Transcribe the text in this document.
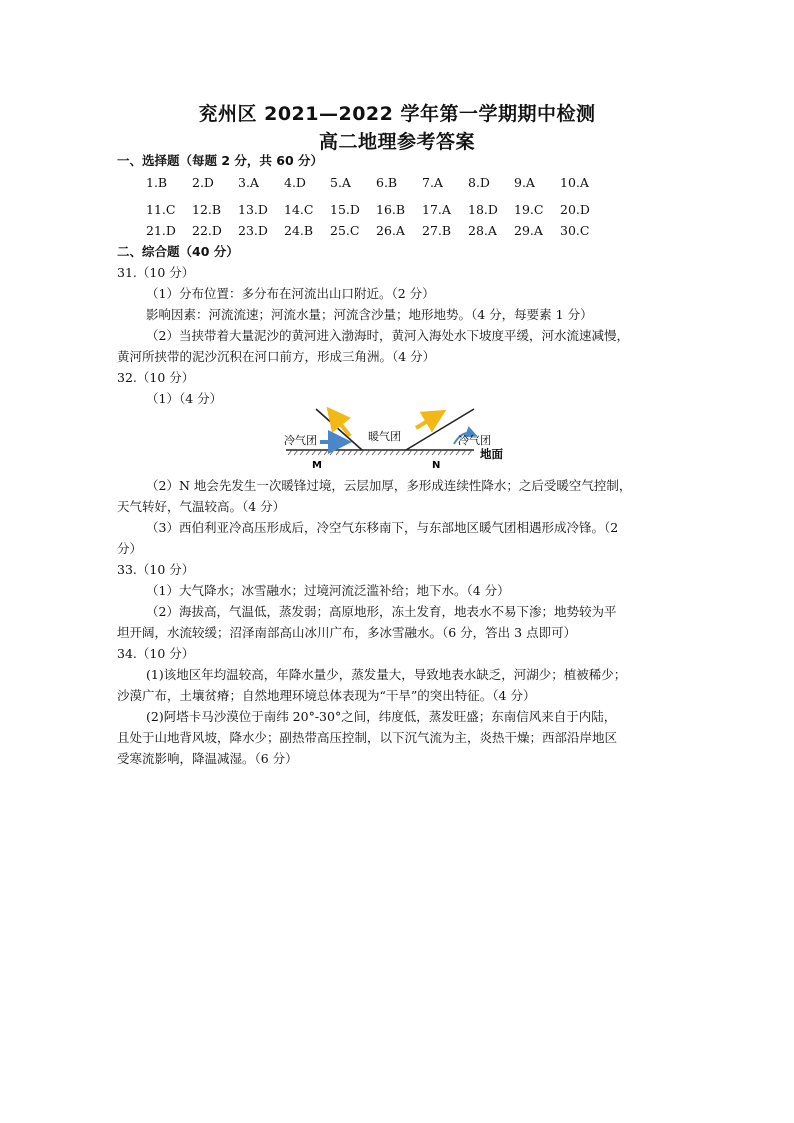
兖州区 2021—2022 学年第一学期期中检测
高二地理参考答案
一、选择题（每题 2 分，共 60 分）
1.B 2.D 3.A 4.D 5.A 6.B 7.A 8.D 9.A 10.A
11.C 12.B 13.D 14.C 15.D 16.B 17.A 18.D 19.C 20.D
21.D 22.D 23.D 24.B 25.C 26.A 27.B 28.A 29.A 30.C
二、综合题（40 分）
31.（10 分）
（1）分布位置：多分布在河流出山口附近。（2 分）
影响因素：河流流速；河流水量；河流含沙量；地形地势。（4 分，每要素 1 分）
（2）当挟带着大量泥沙的黄河进入渤海时，黄河入海处水下坡度平缓，河水流速减慢，
黄河所挟带的泥沙沉积在河口前方，形成三角洲。（4 分）
32.（10 分）
（1）（4 分）
冷气团	暖气团	冷气团
地面
M	N
（2）N 地会先发生一次暖锋过境，云层加厚，多形成连续性降水；之后受暖空气控制，
天气转好，气温较高。（4 分）
（3）西伯利亚冷高压形成后，冷空气东移南下，与东部地区暖气团相遇形成冷锋。（2
分）
33.（10 分）
（1）大气降水；冰雪融水；过境河流泛滥补给；地下水。（4 分）
（2）海拔高，气温低，蒸发弱；高原地形，冻土发育，地表水不易下渗；地势较为平
坦开阔，水流较缓；沼泽南部高山冰川广布，多冰雪融水。（6 分，答出 3 点即可）
34.（10 分）
(1)该地区年均温较高，年降水量少，蒸发量大，导致地表水缺乏，河湖少；植被稀少；
沙漠广布，土壤贫瘠；自然地理环境总体表现为“干旱”的突出特征。（4 分）
(2)阿塔卡马沙漠位于南纬 20°-30°之间，纬度低，蒸发旺盛；东南信风来自于内陆，
且处于山地背风坡，降水少；副热带高压控制，以下沉气流为主，炎热干燥；西部沿岸地区
受寒流影响，降温减湿。（6 分）
